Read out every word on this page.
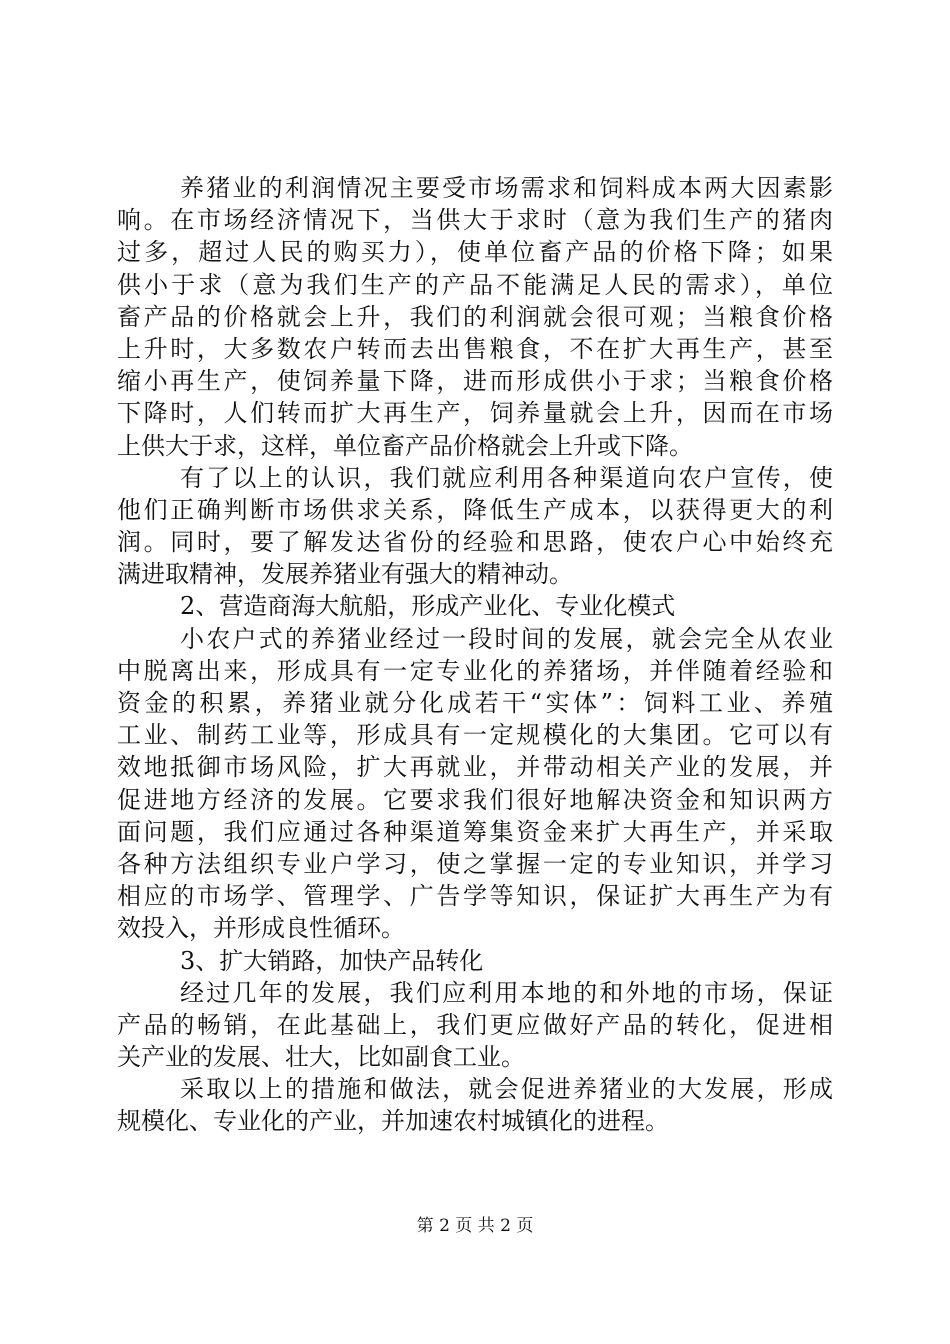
养猪业的利润情况主要受市场需求和饲料成本两大因素影
响。在市场经济情况下，当供大于求时（意为我们生产的猪肉
过多，超过人民的购买力），使单位畜产品的价格下降；如果
供小于求（意为我们生产的产品不能满足人民的需求），单位
畜产品的价格就会上升，我们的利润就会很可观；当粮食价格
上升时，大多数农户转而去出售粮食，不在扩大再生产，甚至
缩小再生产，使饲养量下降，进而形成供小于求；当粮食价格
下降时，人们转而扩大再生产，饲养量就会上升，因而在市场
上供大于求，这样，单位畜产品价格就会上升或下降。
有了以上的认识，我们就应利用各种渠道向农户宣传，使
他们正确判断市场供求关系，降低生产成本，以获得更大的利
润。同时，要了解发达省份的经验和思路，使农户心中始终充
满进取精神，发展养猪业有强大的精神动。
2、营造商海大航船，形成产业化、专业化模式
小农户式的养猪业经过一段时间的发展，就会完全从农业
中脱离出来，形成具有一定专业化的养猪场，并伴随着经验和
资金的积累，养猪业就分化成若干“实体”：饲料工业、养殖
工业、制药工业等，形成具有一定规模化的大集团。它可以有
效地抵御市场风险，扩大再就业，并带动相关产业的发展，并
促进地方经济的发展。它要求我们很好地解决资金和知识两方
面问题，我们应通过各种渠道筹集资金来扩大再生产，并采取
各种方法组织专业户学习，使之掌握一定的专业知识，并学习
相应的市场学、管理学、广告学等知识，保证扩大再生产为有
效投入，并形成良性循环。
3、扩大销路，加快产品转化
经过几年的发展，我们应利用本地的和外地的市场，保证
产品的畅销，在此基础上，我们更应做好产品的转化，促进相
关产业的发展、壮大，比如副食工业。
采取以上的措施和做法，就会促进养猪业的大发展，形成
规模化、专业化的产业，并加速农村城镇化的进程。
第 2 页 共 2 页
